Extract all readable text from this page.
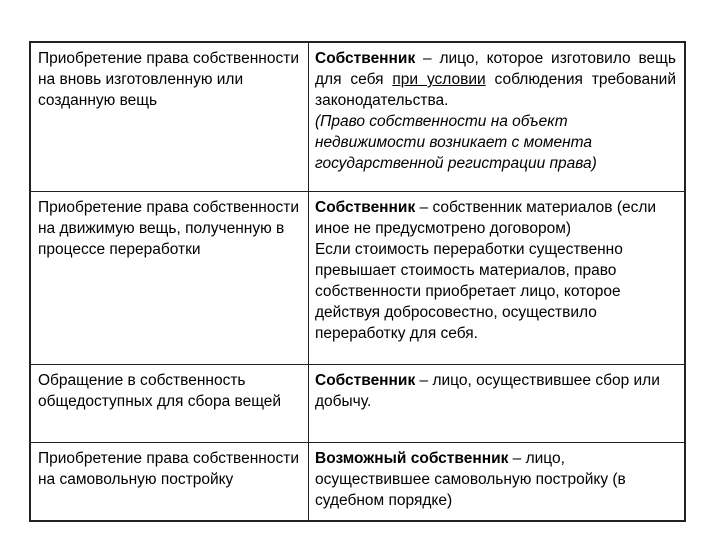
Приобретение права собственности на вновь изготовленную или созданную вещь
Собственник – лицо, которое изготовило вещь для себя при условии соблюдения требований законодательства.
(Право собственности на объект недвижимости возникает с момента государственной регистрации права)
Приобретение права собственности на движимую вещь, полученную в процессе переработки
Собственник – собственник материалов (если иное не предусмотрено договором)
Если стоимость переработки существенно превышает стоимость материалов, право собственности приобретает лицо, которое действуя добросовестно, осуществило переработку для себя.
Обращение в собственность общедоступных для сбора вещей
Собственник – лицо, осуществившее сбор или добычу.
Приобретение права собственности на самовольную постройку
Возможный собственник – лицо, осуществившее самовольную постройку (в судебном порядке)
